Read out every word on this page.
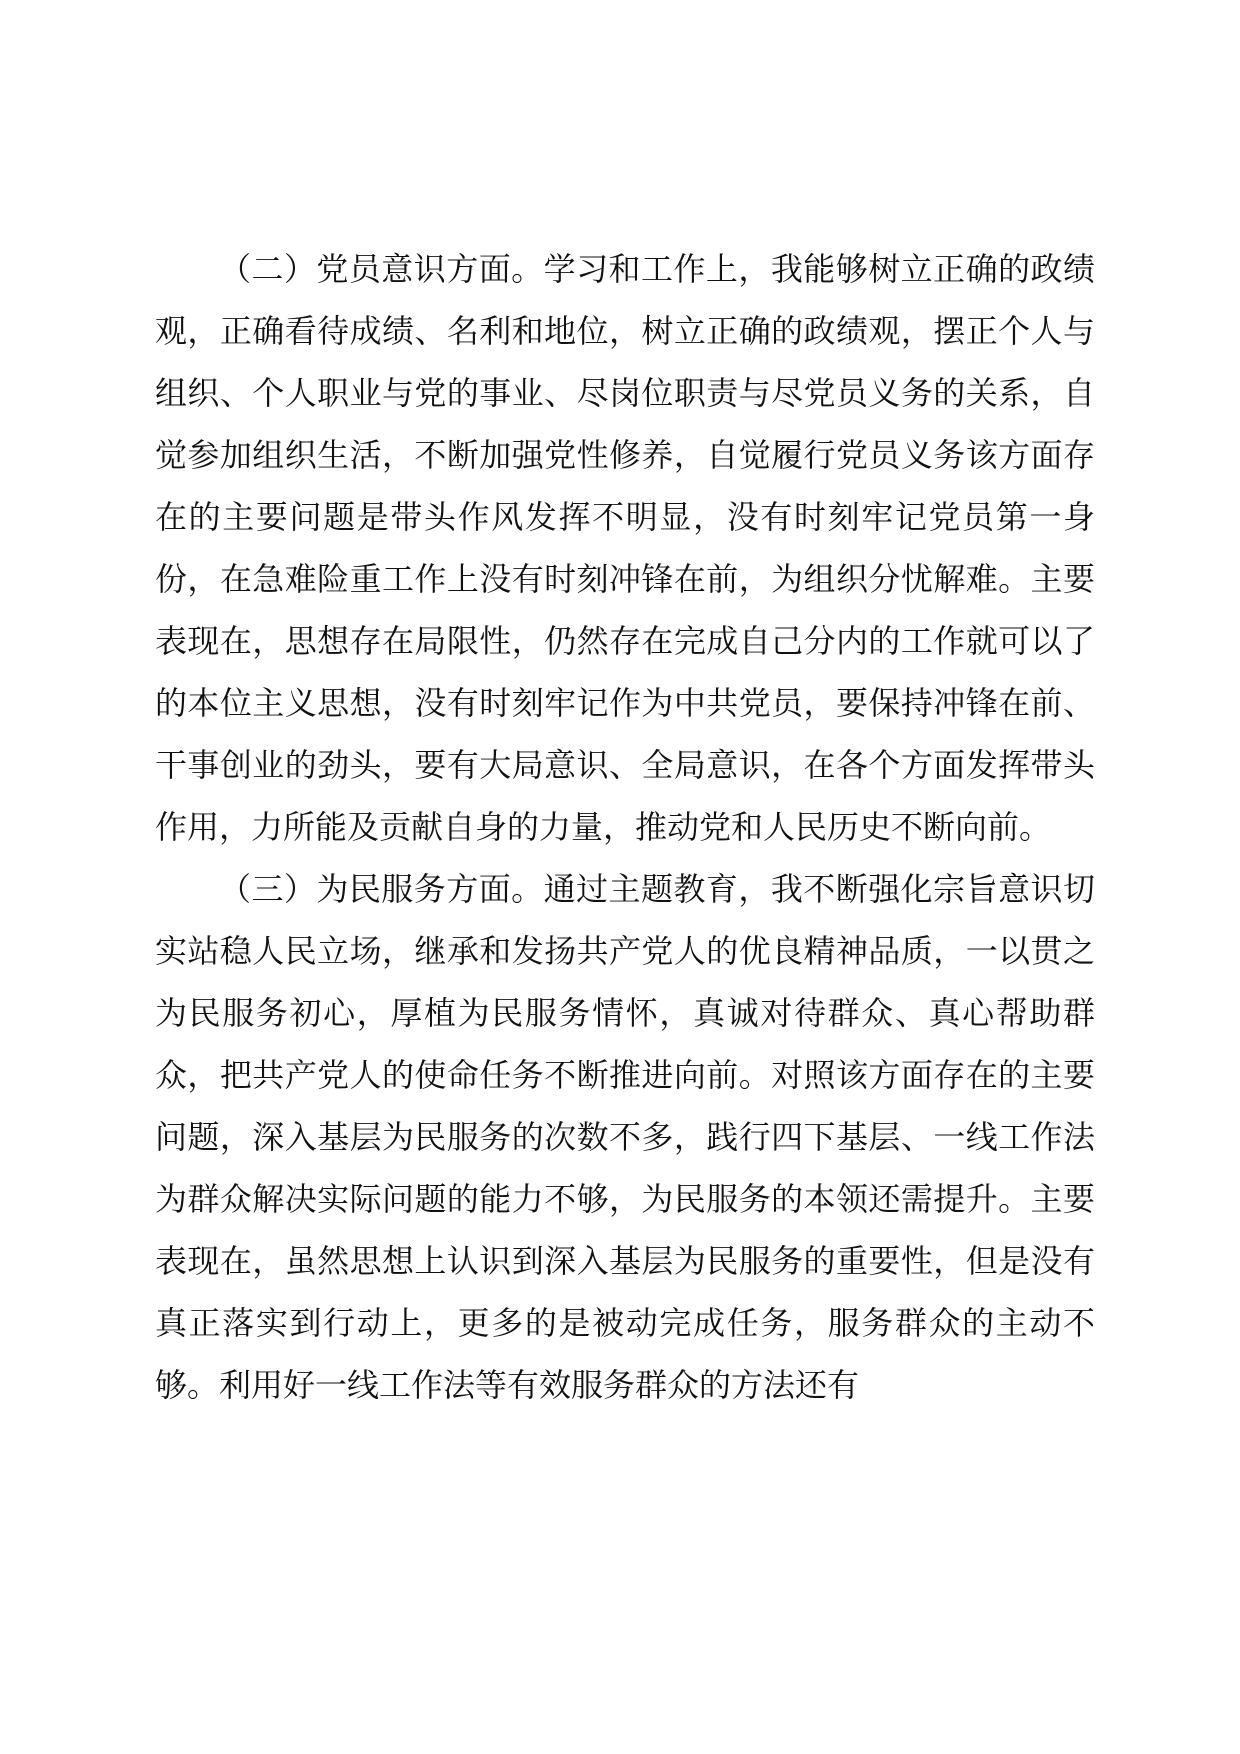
（二）党员意识方面。学习和工作上，我能够树立正确的政绩观，正确看待成绩、名利和地位，树立正确的政绩观，摆正个人与组织、个人职业与党的事业、尽岗位职责与尽党员义务的关系，自觉参加组织生活，不断加强党性修养，自觉履行党员义务该方面存在的主要问题是带头作风发挥不明显，没有时刻牢记党员第一身份，在急难险重工作上没有时刻冲锋在前，为组织分忧解难。主要表现在，思想存在局限性，仍然存在完成自己分内的工作就可以了的本位主义思想，没有时刻牢记作为中共党员，要保持冲锋在前、干事创业的劲头，要有大局意识、全局意识，在各个方面发挥带头作用，力所能及贡献自身的力量，推动党和人民历史不断向前。

（三）为民服务方面。通过主题教育，我不断强化宗旨意识切实站稳人民立场，继承和发扬共产党人的优良精神品质，一以贯之为民服务初心，厚植为民服务情怀，真诚对待群众、真心帮助群众，把共产党人的使命任务不断推进向前。对照该方面存在的主要问题，深入基层为民服务的次数不多，践行四下基层、一线工作法为群众解决实际问题的能力不够，为民服务的本领还需提升。主要表现在，虽然思想上认识到深入基层为民服务的重要性，但是没有真正落实到行动上，更多的是被动完成任务，服务群众的主动不够。利用好一线工作法等有效服务群众的方法还有
